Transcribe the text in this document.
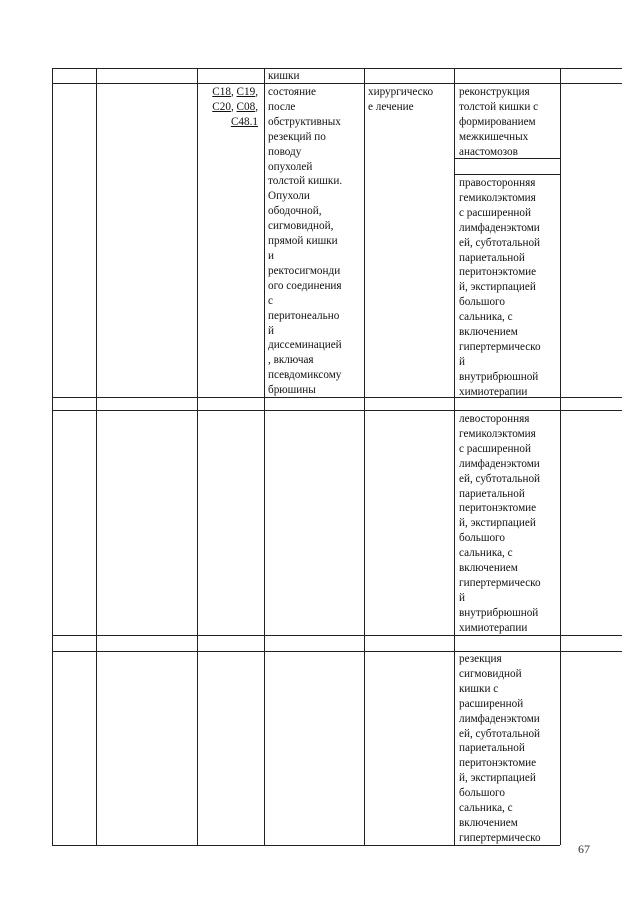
кишки
C18, C19,
C20, C08,
C48.1
состояние
после
обструктивных
резекций по
поводу
опухолей
толстой кишки.
Опухоли
ободочной,
сигмовидной,
прямой кишки
и
ректосигмонди
ого соединения
с
перитонеально
й
диссеминацией
, включая
псевдомиксому
брюшины
хирургическо
е лечение
реконструкция
толстой кишки с
формированием
межкишечных
анастомозов
правосторонняя
гемиколэктомия
с расширенной
лимфаденэктоми
ей, субтотальной
париетальной
перитонэктомие
й, экстирпацией
большого
сальника, с
включением
гипертермическо
й
внутрибрюшной
химиотерапии
левосторонняя
гемиколэктомия
с расширенной
лимфаденэктоми
ей, субтотальной
париетальной
перитонэктомие
й, экстирпацией
большого
сальника, с
включением
гипертермическо
й
внутрибрюшной
химиотерапии
резекция
сигмовидной
кишки с
расширенной
лимфаденэктоми
ей, субтотальной
париетальной
перитонэктомие
й, экстирпацией
большого
сальника, с
включением
гипертермическо
67
